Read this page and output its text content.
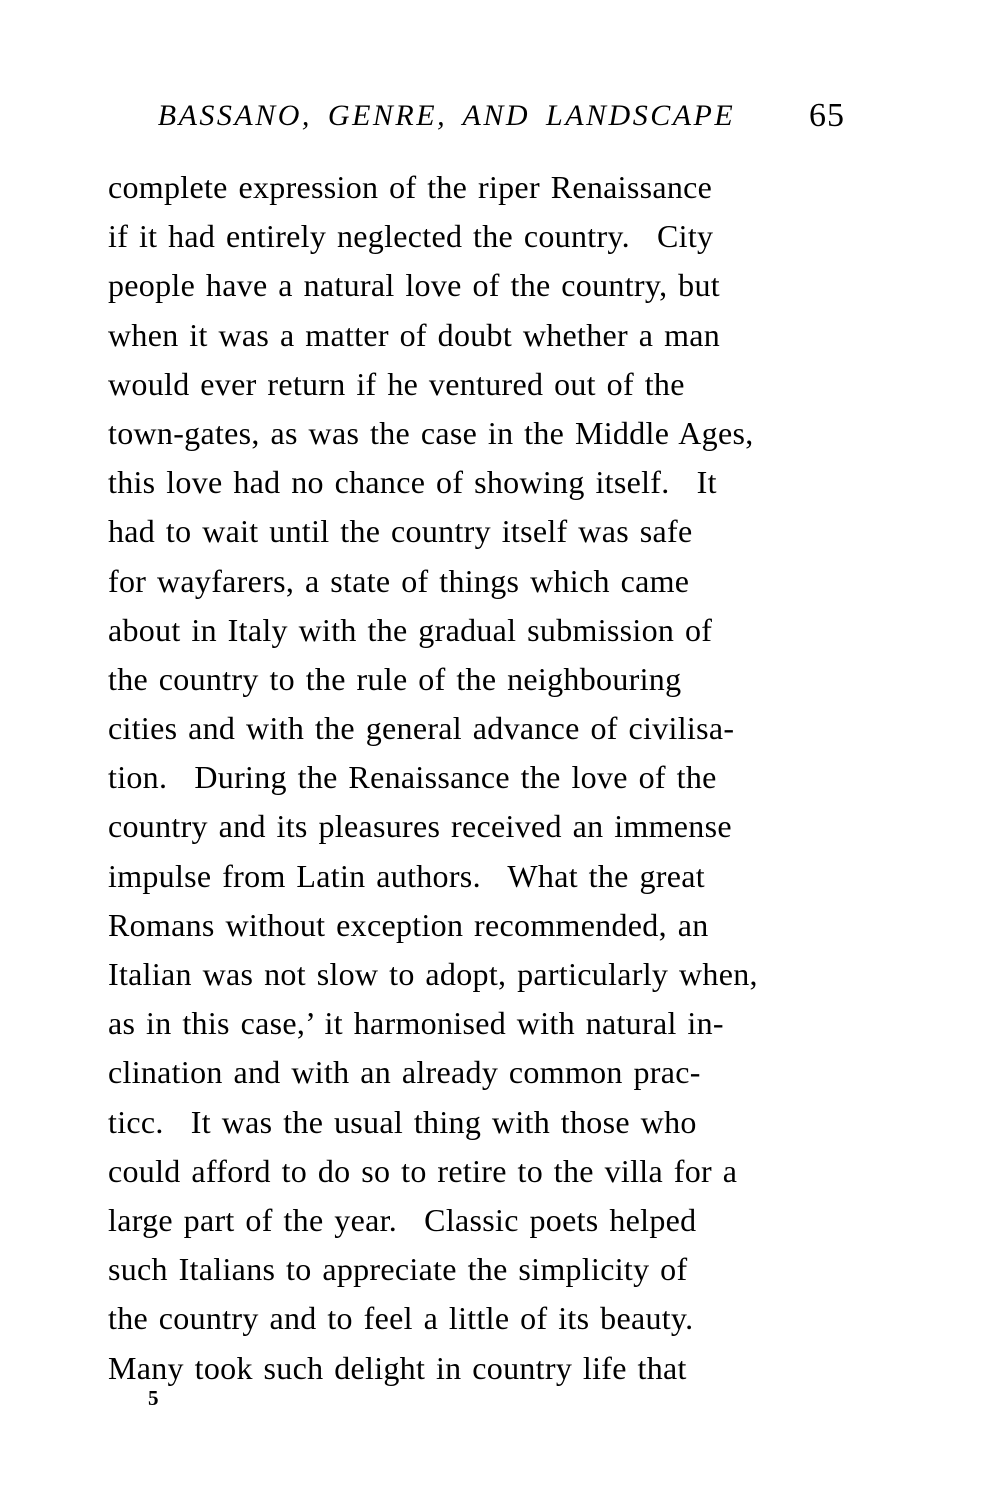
BASSANO, GENRE, AND LANDSCAPE	65
complete expression of the riper Renaissance
if it had entirely neglected the country.  City
people have a natural love of the country, but
when it was a matter of doubt whether a man
would ever return if he ventured out of the
town-gates, as was the case in the Middle Ages,
this love had no chance of showing itself.  It
had to wait until the country itself was safe
for wayfarers, a state of things which came
about in Italy with the gradual submission of
the country to the rule of the neighbouring
cities and with the general advance of civilisa-
tion.  During the Renaissance the love of the
country and its pleasures received an immense
impulse from Latin authors.  What the great
Romans without exception recommended, an
Italian was not slow to adopt, particularly when,
as in this case,’ it harmonised with natural in-
clination and with an already common prac-
ticc.  It was the usual thing with those who
could afford to do so to retire to the villa for a
large part of the year.  Classic poets helped
such Italians to appreciate the simplicity of
the country and to feel a little of its beauty.
Many took such delight in country life that
5
